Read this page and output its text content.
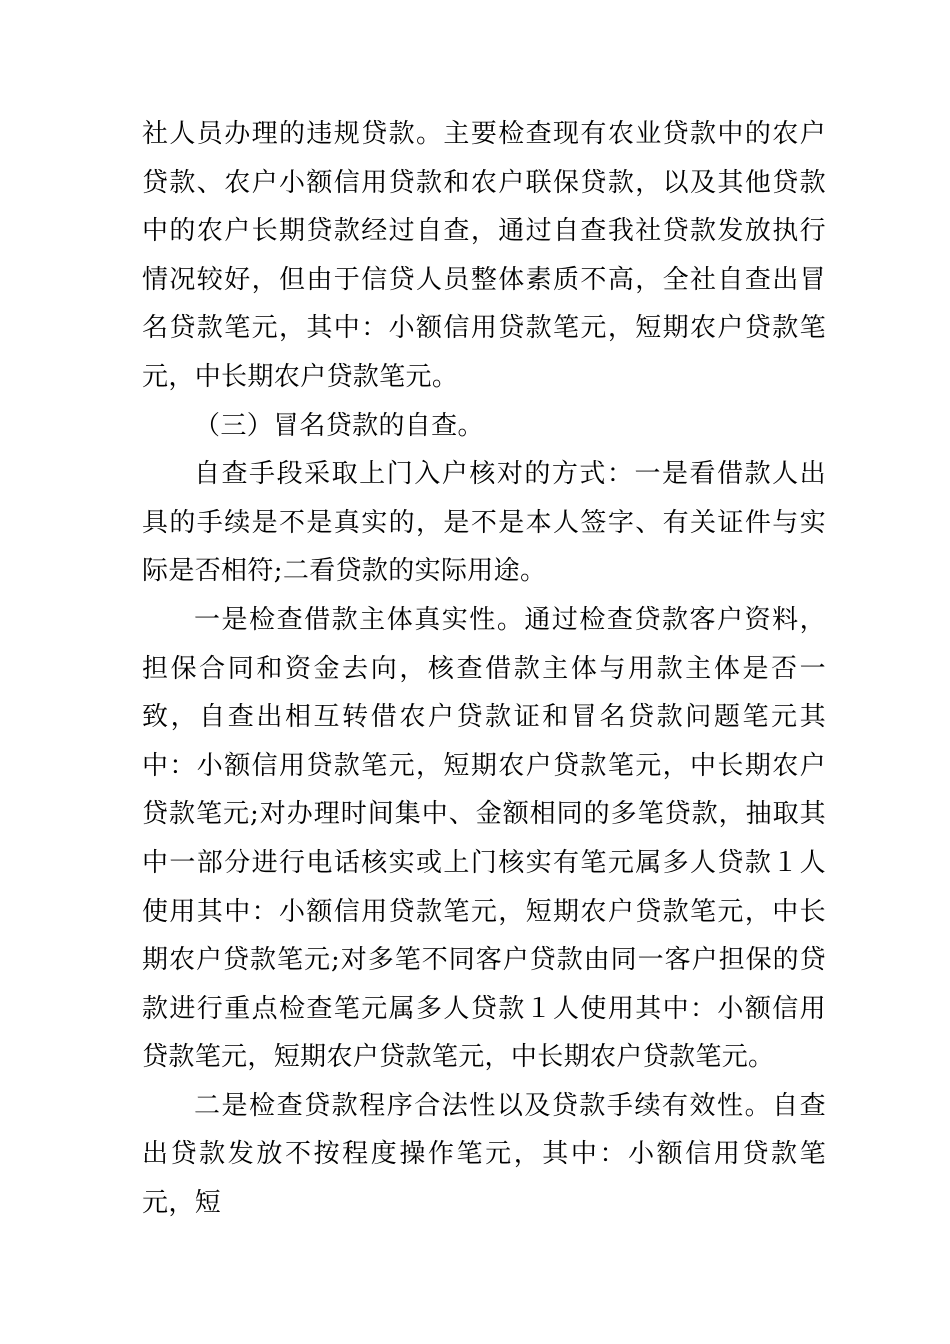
社人员办理的违规贷款。主要检查现有农业贷款中的农户贷款、农户小额信用贷款和农户联保贷款，以及其他贷款中的农户长期贷款经过自查，通过自查我社贷款发放执行情况较好，但由于信贷人员整体素质不高，全社自查出冒名贷款笔元，其中：小额信用贷款笔元，短期农户贷款笔元，中长期农户贷款笔元。

（三）冒名贷款的自查。

自查手段采取上门入户核对的方式：一是看借款人出具的手续是不是真实的，是不是本人签字、有关证件与实际是否相符;二看贷款的实际用途。

一是检查借款主体真实性。通过检查贷款客户资料，担保合同和资金去向，核查借款主体与用款主体是否一致，自查出相互转借农户贷款证和冒名贷款问题笔元其中：小额信用贷款笔元，短期农户贷款笔元，中长期农户贷款笔元;对办理时间集中、金额相同的多笔贷款，抽取其中一部分进行电话核实或上门核实有笔元属多人贷款１人使用其中：小额信用贷款笔元，短期农户贷款笔元，中长期农户贷款笔元;对多笔不同客户贷款由同一客户担保的贷款进行重点检查笔元属多人贷款１人使用其中：小额信用贷款笔元，短期农户贷款笔元，中长期农户贷款笔元。

二是检查贷款程序合法性以及贷款手续有效性。自查出贷款发放不按程度操作笔元，其中：小额信用贷款笔元，短
